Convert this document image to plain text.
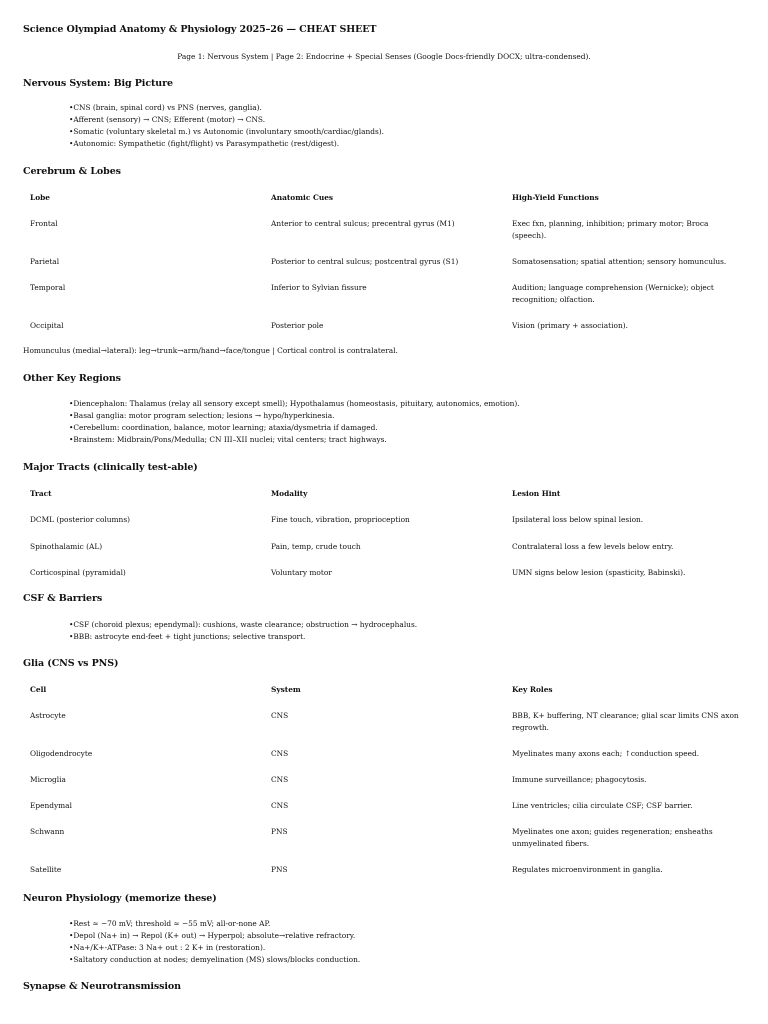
Science Olympiad Anatomy & Physiology 2025–26 — CHEAT SHEET
Page 1: Nervous System | Page 2: Endocrine + Special Senses (Google Docs-friendly DOCX; ultra-condensed).
Nervous System: Big Picture
• CNS (brain, spinal cord) vs PNS (nerves, ganglia).
• Afferent (sensory) → CNS; Efferent (motor) → CNS.
• Somatic (voluntary skeletal m.) vs Autonomic (involuntary smooth/cardiac/glands).
• Autonomic: Sympathetic (fight/flight) vs Parasympathetic (rest/digest).
Cerebrum & Lobes
Lobe	Anatomic Cues	High-Yield Functions
Frontal	Anterior to central sulcus; precentral gyrus (M1)	Exec fxn, planning, inhibition; primary motor; Broca (speech).
Parietal	Posterior to central sulcus; postcentral gyrus (S1)	Somatosensation; spatial attention; sensory homunculus.
Temporal	Inferior to Sylvian fissure	Audition; language comprehension (Wernicke); object recognition; olfaction.
Occipital	Posterior pole	Vision (primary + association).
Homunculus (medial→lateral): leg→trunk→arm/hand→face/tongue | Cortical control is contralateral.
Other Key Regions
• Diencephalon: Thalamus (relay all sensory except smell); Hypothalamus (homeostasis, pituitary, autonomics, emotion).
• Basal ganglia: motor program selection; lesions → hypo/hyperkinesia.
• Cerebellum: coordination, balance, motor learning; ataxia/dysmetria if damaged.
• Brainstem: Midbrain/Pons/Medulla; CN III–XII nuclei; vital centers; tract highways.
Major Tracts (clinically test-able)
Tract	Modality	Lesion Hint
DCML (posterior columns)	Fine touch, vibration, proprioception	Ipsilateral loss below spinal lesion.
Spinothalamic (AL)	Pain, temp, crude touch	Contralateral loss a few levels below entry.
Corticospinal (pyramidal)	Voluntary motor	UMN signs below lesion (spasticity, Babinski).
CSF & Barriers
• CSF (choroid plexus; ependymal): cushions, waste clearance; obstruction → hydrocephalus.
• BBB: astrocyte end-feet + tight junctions; selective transport.
Glia (CNS vs PNS)
Cell	System	Key Roles
Astrocyte	CNS	BBB, K+ buffering, NT clearance; glial scar limits CNS axon regrowth.
Oligodendrocyte	CNS	Myelinates many axons each; ↑conduction speed.
Microglia	CNS	Immune surveillance; phagocytosis.
Ependymal	CNS	Line ventricles; cilia circulate CSF; CSF barrier.
Schwann	PNS	Myelinates one axon; guides regeneration; ensheaths unmyelinated fibers.
Satellite	PNS	Regulates microenvironment in ganglia.
Neuron Physiology (memorize these)
• Rest ≈ −70 mV; threshold ≈ −55 mV; all-or-none AP.
• Depol (Na+ in) → Repol (K+ out) → Hyperpol; absolute→relative refractory.
• Na+/K+-ATPase: 3 Na+ out : 2 K+ in (restoration).
• Saltatory conduction at nodes; demyelination (MS) slows/blocks conduction.
Synapse & Neurotransmission
